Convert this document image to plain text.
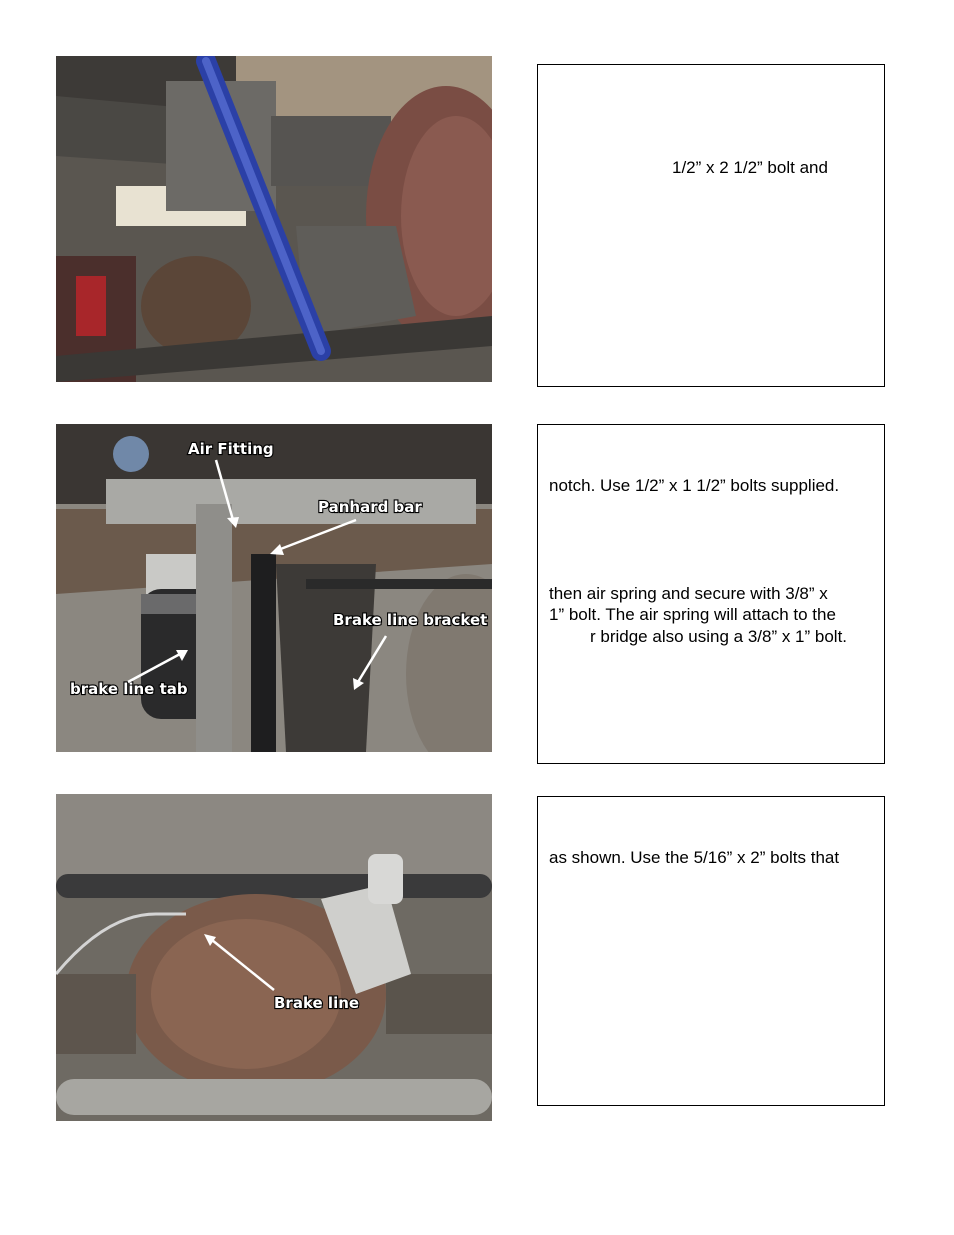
1/2” x 2 1/2” bolt and
Air Fitting
Panhard bar
Brake line bracket
brake line tab
notch. Use 1/2” x 1 1/2” bolts supplied.
then air spring and secure with 3/8” x
1” bolt. The air spring will attach to the
r bridge also using a 3/8” x 1” bolt.
Brake line
as shown. Use the 5/16” x 2” bolts that
